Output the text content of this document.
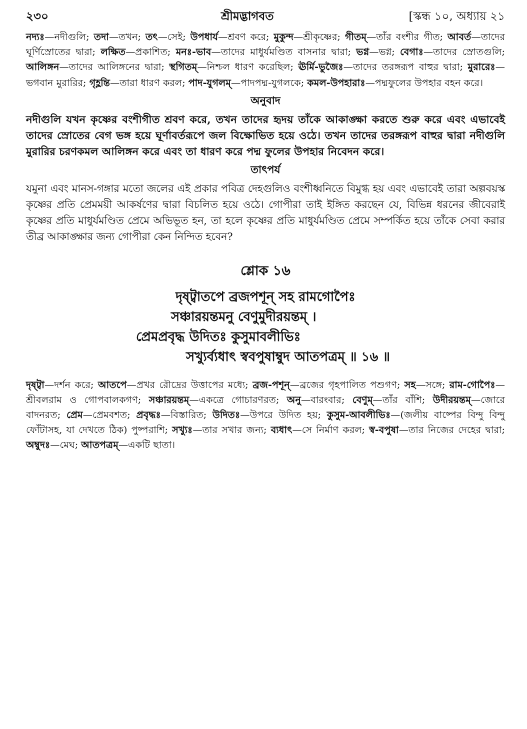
২৩০	শ্রীমদ্ভাগবত	[স্কন্ধ ১০, অধ্যায় ২১

নদ্যঃ—নদীগুলি; তদা—তখন; তৎ—সেই; উপধার্য—শ্রবণ করে; মুকুন্দ—শ্রীকৃষ্ণের; গীতম্—তাঁর বংশীর গীত; আবর্ত—তাদের ঘূর্ণিস্রোতের দ্বারা; লক্ষিত—প্রকাশিত; মনঃ-ভাব—তাদের মাধুর্যমণ্ডিত বাসনার দ্বারা; ভগ্ন—ভগ্ন; বেগাঃ—তাদের স্রোতগুলি; আলিঙ্গন—তাদের আলিঙ্গনের দ্বারা; স্থগিতম্—নিশ্চল ধারণ করেছিল; ঊর্মি-ভুজৈঃ—তাদের তরঙ্গরূপ বাহুর দ্বারা; মুরারেঃ—ভগবান মুরারির; গৃহ্ণন্তি—তারা ধারণ করল; পাদ-যুগলম্—পাদপদ্ম-যুগলকে; কমল-উপহারাঃ—পদ্মফুলের উপহার বহন করে।

অনুবাদ

নদীগুলি যখন কৃষ্ণের বংশীগীত শ্রবণ করে, তখন তাদের হৃদয় তাঁকে আকাঙ্ক্ষা করতে শুরু করে এবং এভাবেই তাদের স্রোতের বেগ ভঙ্গ হয়ে ঘূর্ণাবর্তরূপে জল বিক্ষোভিত হয়ে ওঠে। তখন তাদের তরঙ্গরূপ বাহুর দ্বারা নদীগুলি মুরারির চরণকমল আলিঙ্গন করে এবং তা ধারণ করে পদ্ম ফুলের উপহার নিবেদন করে।

তাৎপর্য

যমুনা এবং মানস-গঙ্গার মতো জলের এই প্রকার পবিত্র দেহগুলিও বংশীধ্বনিতে বিমুগ্ধ হয় এবং এভাবেই তারা অল্পবয়স্ক কৃষ্ণের প্রতি প্রেমময়ী আকর্ষণের দ্বারা বিচলিত হয়ে ওঠে। গোপীরা তাই ইঙ্গিত করছেন যে, বিভিন্ন ধরনের জীবেরাই কৃষ্ণের প্রতি মাধুর্যমণ্ডিত প্রেমে অভিভূত হন, তা হলে কৃষ্ণের প্রতি মাধুর্যমণ্ডিত প্রেমে সম্পর্কিত হয়ে তাঁকে সেবা করার তীব্র আকাঙ্ক্ষার জন্য গোপীরা কেন নিন্দিত হবেন?

শ্লোক ১৬
দৃষ্ট্বাতপে ব্রজপশূন্ সহ রামগোপৈঃ
সঞ্চারয়ন্তমনু বেণুমুদীরয়ন্তম্ ।
প্রেমপ্রবৃদ্ধ উদিতঃ কুসুমাবলীভিঃ
সখ্যুর্ব্যধাৎ স্ববপুষাম্বুদ আতপত্রম্ ॥ ১৬ ॥

দৃষ্ট্বা—দর্শন করে; আতপে—প্রখর রৌদ্রের উত্তাপের মধ্যে; ব্রজ-পশূন্—ব্রজের গৃহপালিত পশুগণ; সহ—সঙ্গে; রাম-গোপৈঃ—শ্রীবলরাম ও গোপবালকগণ; সঞ্চারয়ন্তম্—একত্রে গোচারণরত; অনু—বারংবার; বেণুম্—তাঁর বাঁশি; উদীরয়ন্তম্—জোরে বাদনরত; প্রেম—প্রেমবশত; প্রবৃদ্ধঃ—বিস্তারিত; উদিতঃ—উপরে উদিত হয়; কুসুম-আবলীভিঃ—(জলীয় বাষ্পের বিন্দু বিন্দু ফোঁটাসহ, যা দেখতে ঠিক) পুষ্পরাশি; সখ্যুঃ—তার সখার জন্য; ব্যধাৎ—সে নির্মাণ করল; স্ব-বপুষা—তার নিজের দেহের দ্বারা; অম্বুদঃ—মেঘ; আতপত্রম্—একটি ছাতা।
